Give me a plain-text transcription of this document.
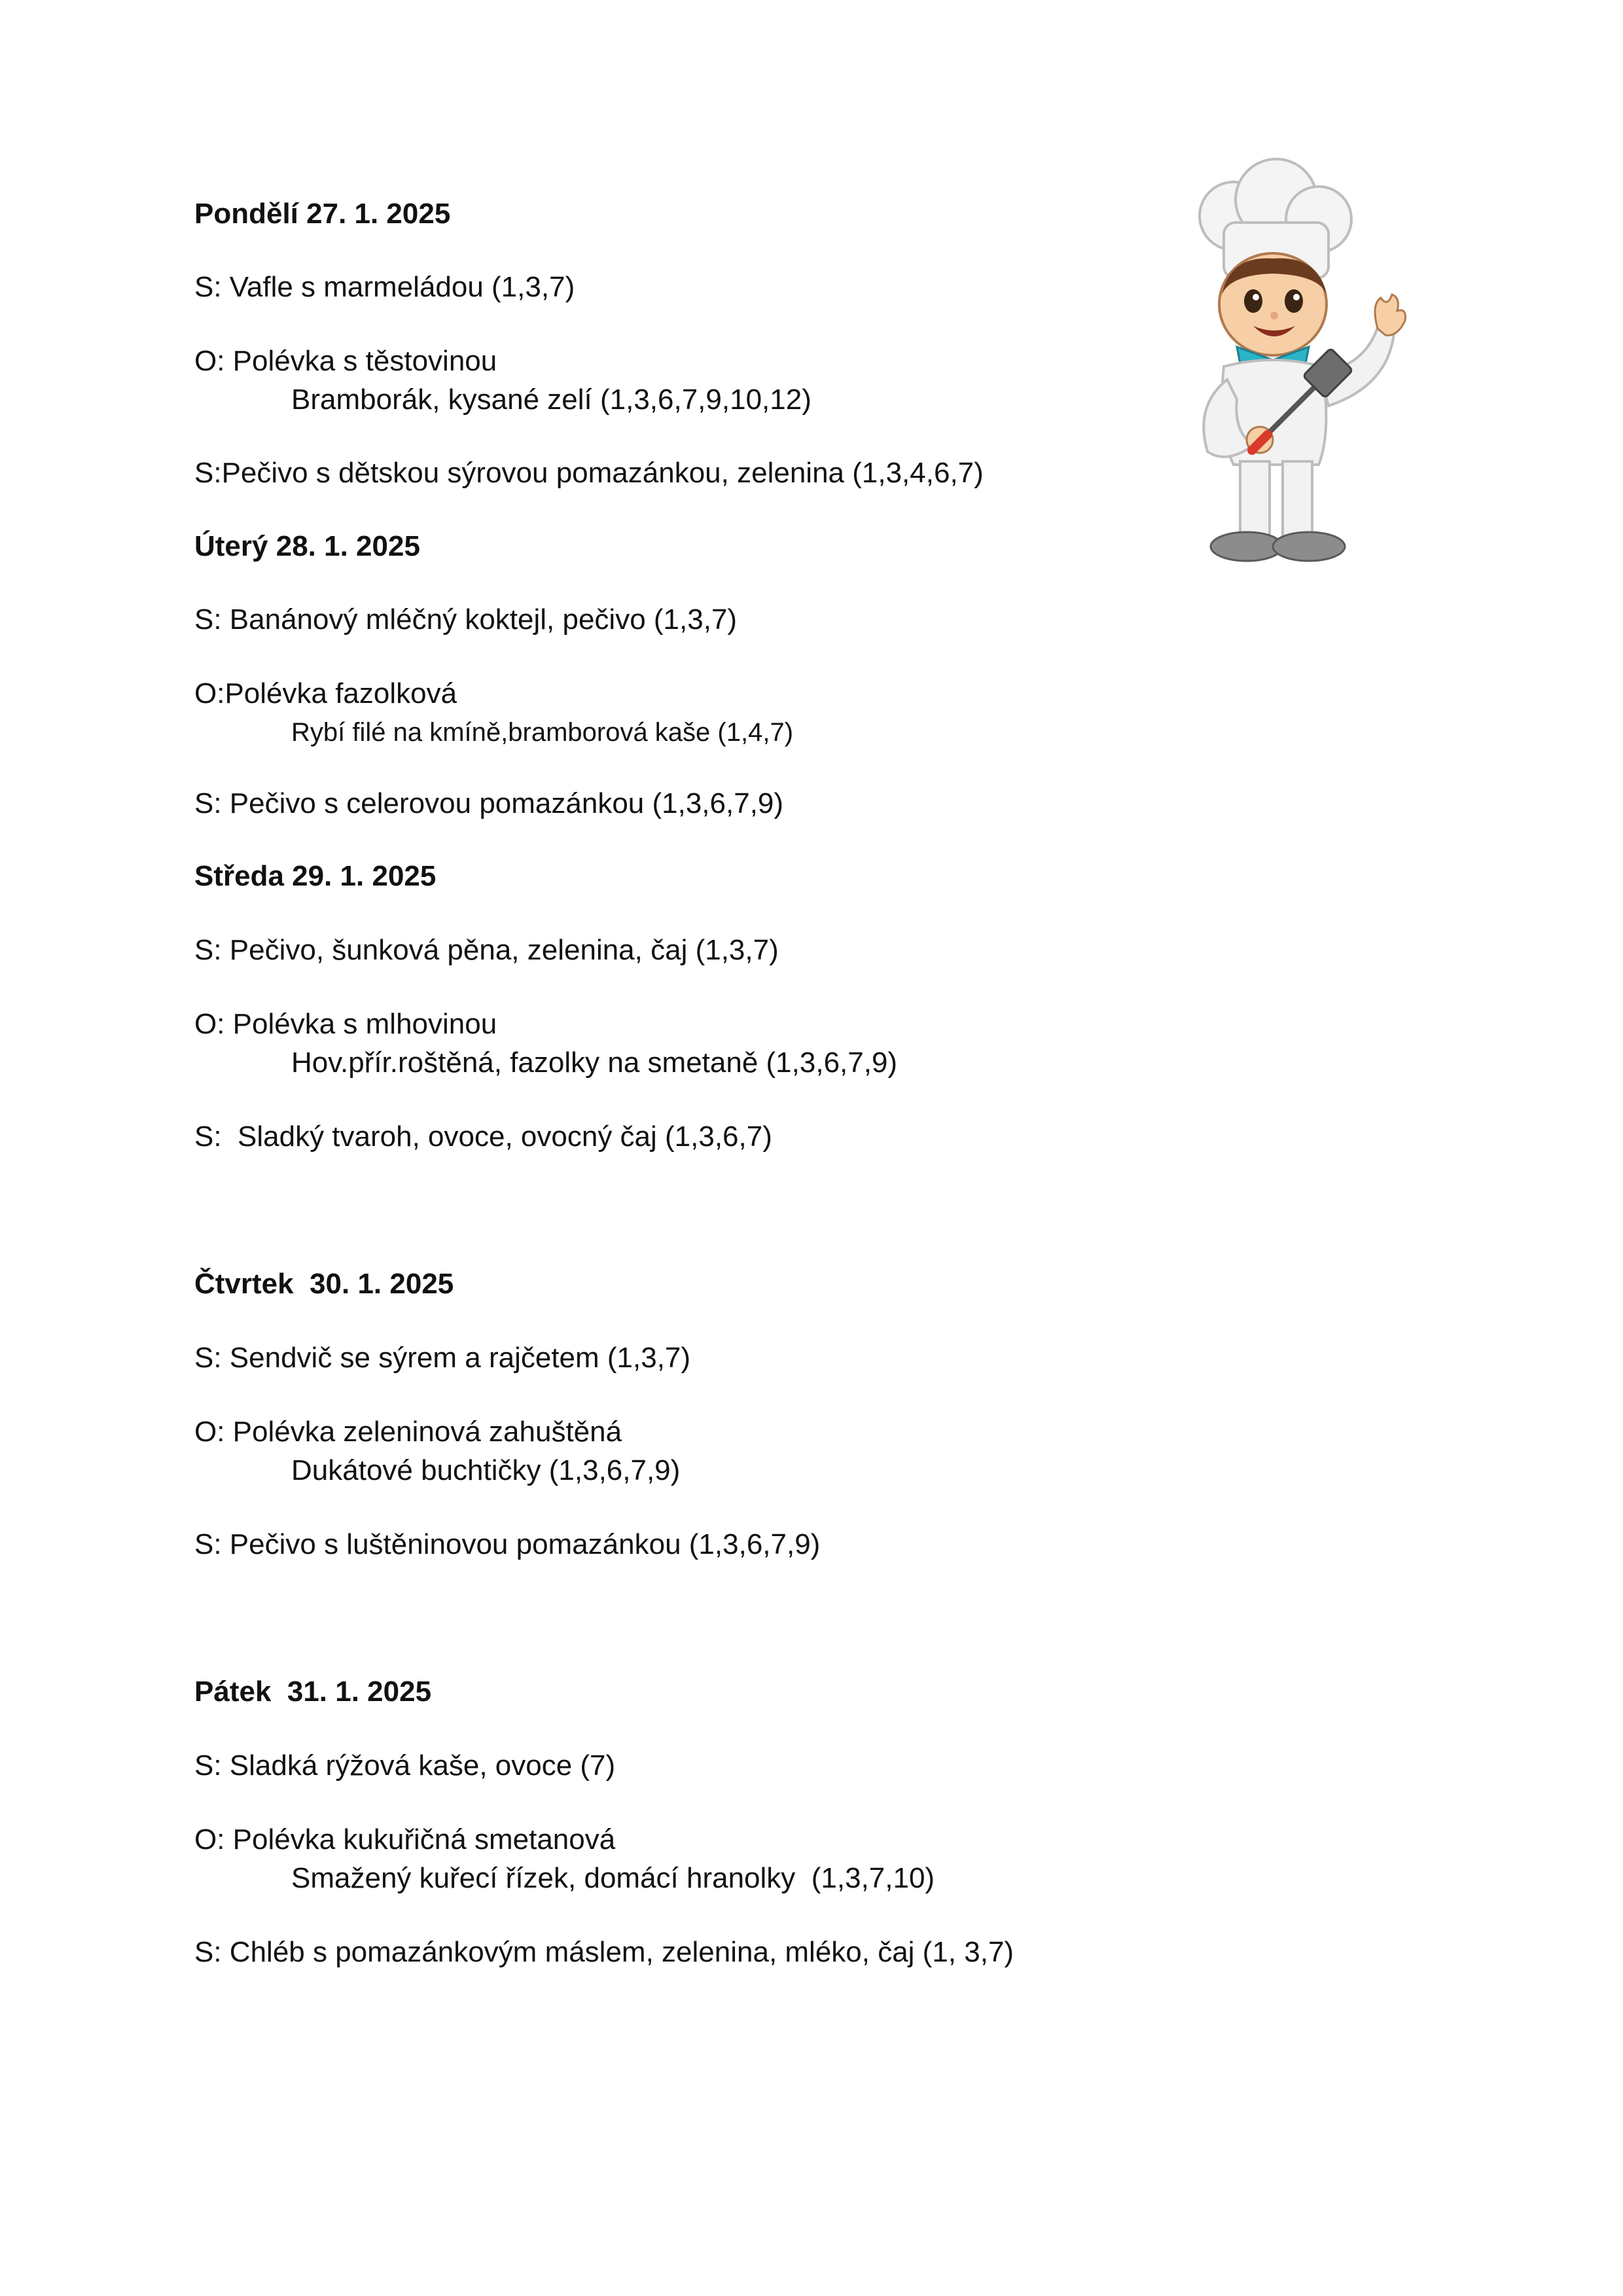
Pondělí 27. 1. 2025
S: Vafle s marmeládou (1,3,7)
O: Polévka s těstovinou
Bramborák, kysané zelí (1,3,6,7,9,10,12)
S:Pečivo s dětskou sýrovou pomazánkou, zelenina (1,3,4,6,7)
Úterý 28. 1. 2025
S: Banánový mléčný koktejl, pečivo (1,3,7)
O:Polévka fazolková
Rybí filé na kmíně,bramborová kaše (1,4,7)
S: Pečivo s celerovou pomazánkou (1,3,6,7,9)
Středa 29. 1. 2025
S: Pečivo, šunková pěna, zelenina, čaj (1,3,7)
O: Polévka s mlhovinou
Hov.přír.roštěná, fazolky na smetaně (1,3,6,7,9)
S:  Sladký tvaroh, ovoce, ovocný čaj (1,3,6,7)
Čtvrtek  30. 1. 2025
S: Sendvič se sýrem a rajčetem (1,3,7)
O: Polévka zeleninová zahuštěná
Dukátové buchtičky (1,3,6,7,9)
S: Pečivo s luštěninovou pomazánkou (1,3,6,7,9)
Pátek  31. 1. 2025
S: Sladká rýžová kaše, ovoce (7)
O: Polévka kukuřičná smetanová
Smažený kuřecí řízek, domácí hranolky  (1,3,7,10)
S: Chléb s pomazánkovým máslem, zelenina, mléko, čaj (1, 3,7)
